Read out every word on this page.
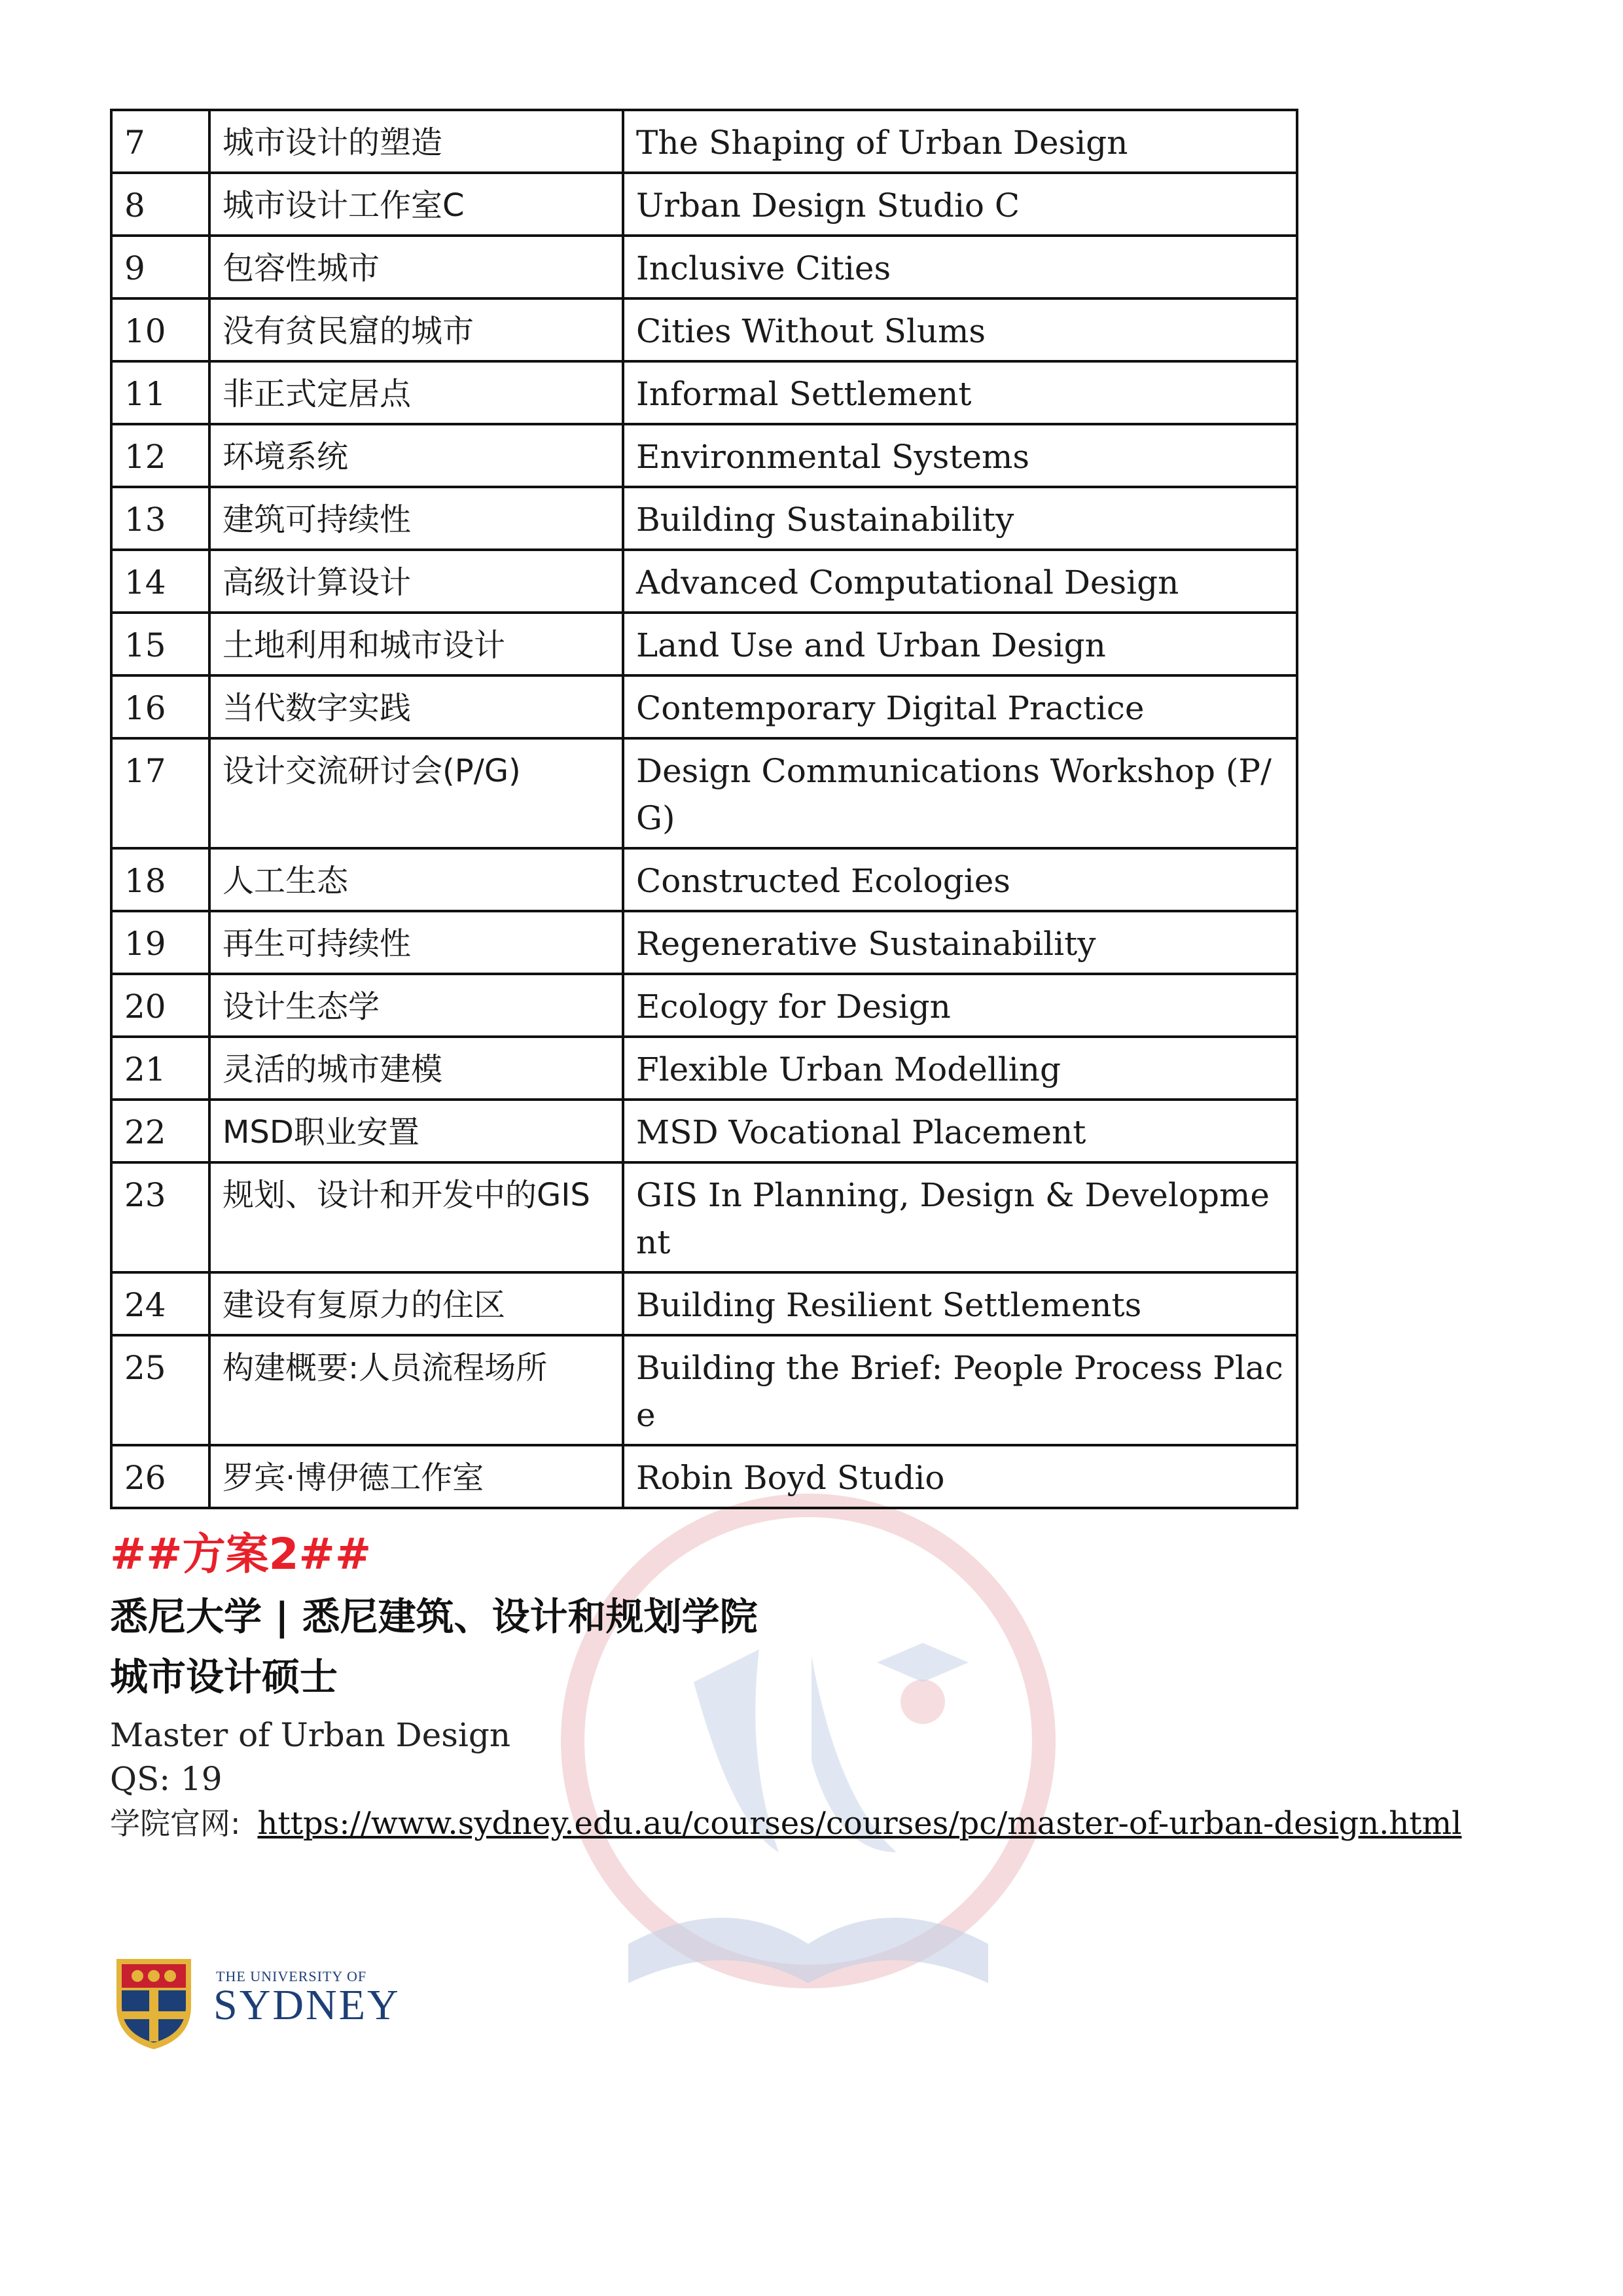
7	城市设计的塑造	The Shaping of Urban Design
8	城市设计工作室C	Urban Design Studio C
9	包容性城市	Inclusive Cities
10	没有贫民窟的城市	Cities Without Slums
11	非正式定居点	Informal Settlement
12	环境系统	Environmental Systems
13	建筑可持续性	Building Sustainability
14	高级计算设计	Advanced Computational Design
15	土地利用和城市设计	Land Use and Urban Design
16	当代数字实践	Contemporary Digital Practice
17	设计交流研讨会(P/G)	Design Communications Workshop (P/G)
18	人工生态	Constructed Ecologies
19	再生可持续性	Regenerative Sustainability
20	设计生态学	Ecology for Design
21	灵活的城市建模	Flexible Urban Modelling
22	MSD职业安置	MSD Vocational Placement
23	规划、设计和开发中的GIS	GIS In Planning, Design & Development
24	建设有复原力的住区	Building Resilient Settlements
25	构建概要:人员流程场所	Building the Brief: People Process Place
26	罗宾·博伊德工作室	Robin Boyd Studio

##方案2##

悉尼大学 | 悉尼建筑、设计和规划学院

城市设计硕士

Master of Urban Design

QS: 19

学院官网: https://www.sydney.edu.au/courses/courses/pc/master-of-urban-design.html

THE UNIVERSITY OF
SYDNEY
